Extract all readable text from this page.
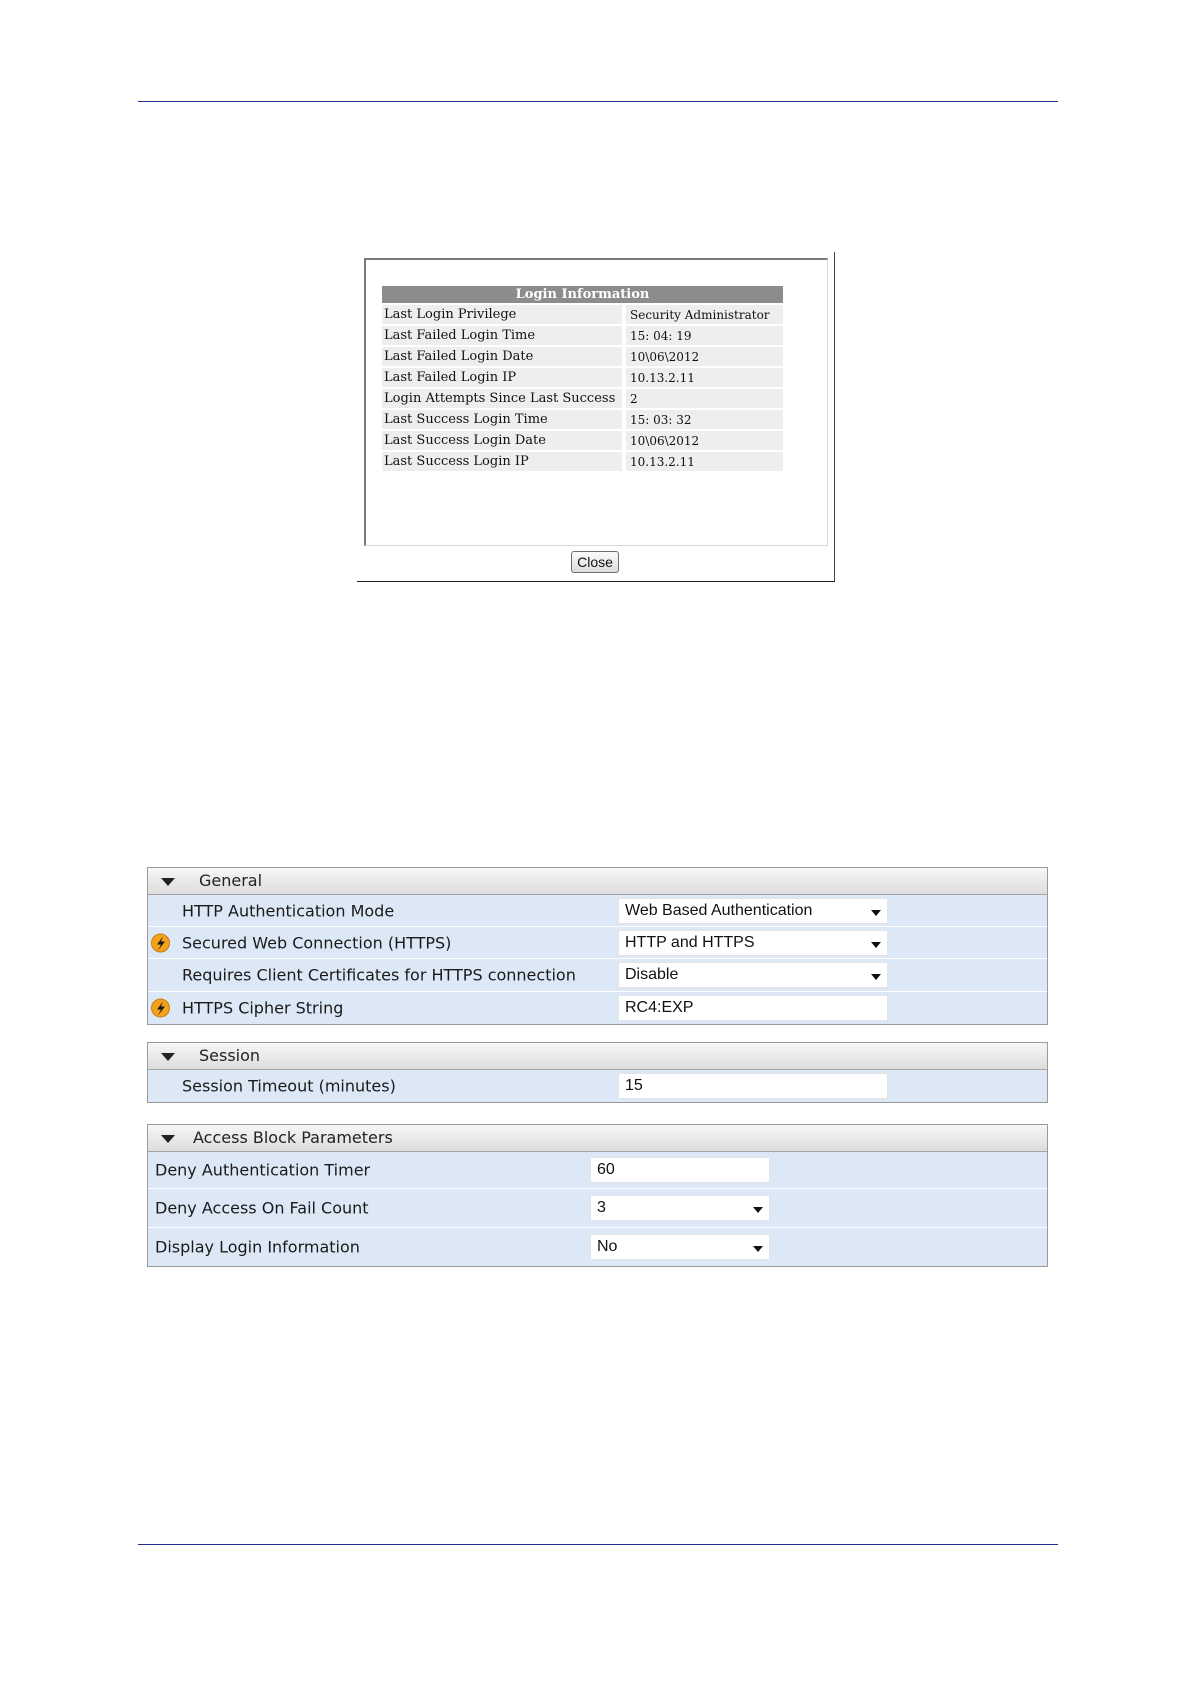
Login Information	
Last Login Privilege	Security Administrator
Last Failed Login Time	15: 04: 19
Last Failed Login Date	10\06\2012
Last Failed Login IP	10.13.2.11
Login Attempts Since Last Success	2
Last Success Login Time	15: 03: 32
Last Success Login Date	10\06\2012
Last Success Login IP	10.13.2.11
Close
General
HTTP Authentication Mode	Web Based Authentication
Secured Web Connection (HTTPS)	HTTP and HTTPS
Requires Client Certificates for HTTPS connection	Disable
HTTPS Cipher String	RC4:EXP
Session
Session Timeout (minutes)	15
Access Block Parameters
Deny Authentication Timer	60
Deny Access On Fail Count	3
Display Login Information	No
